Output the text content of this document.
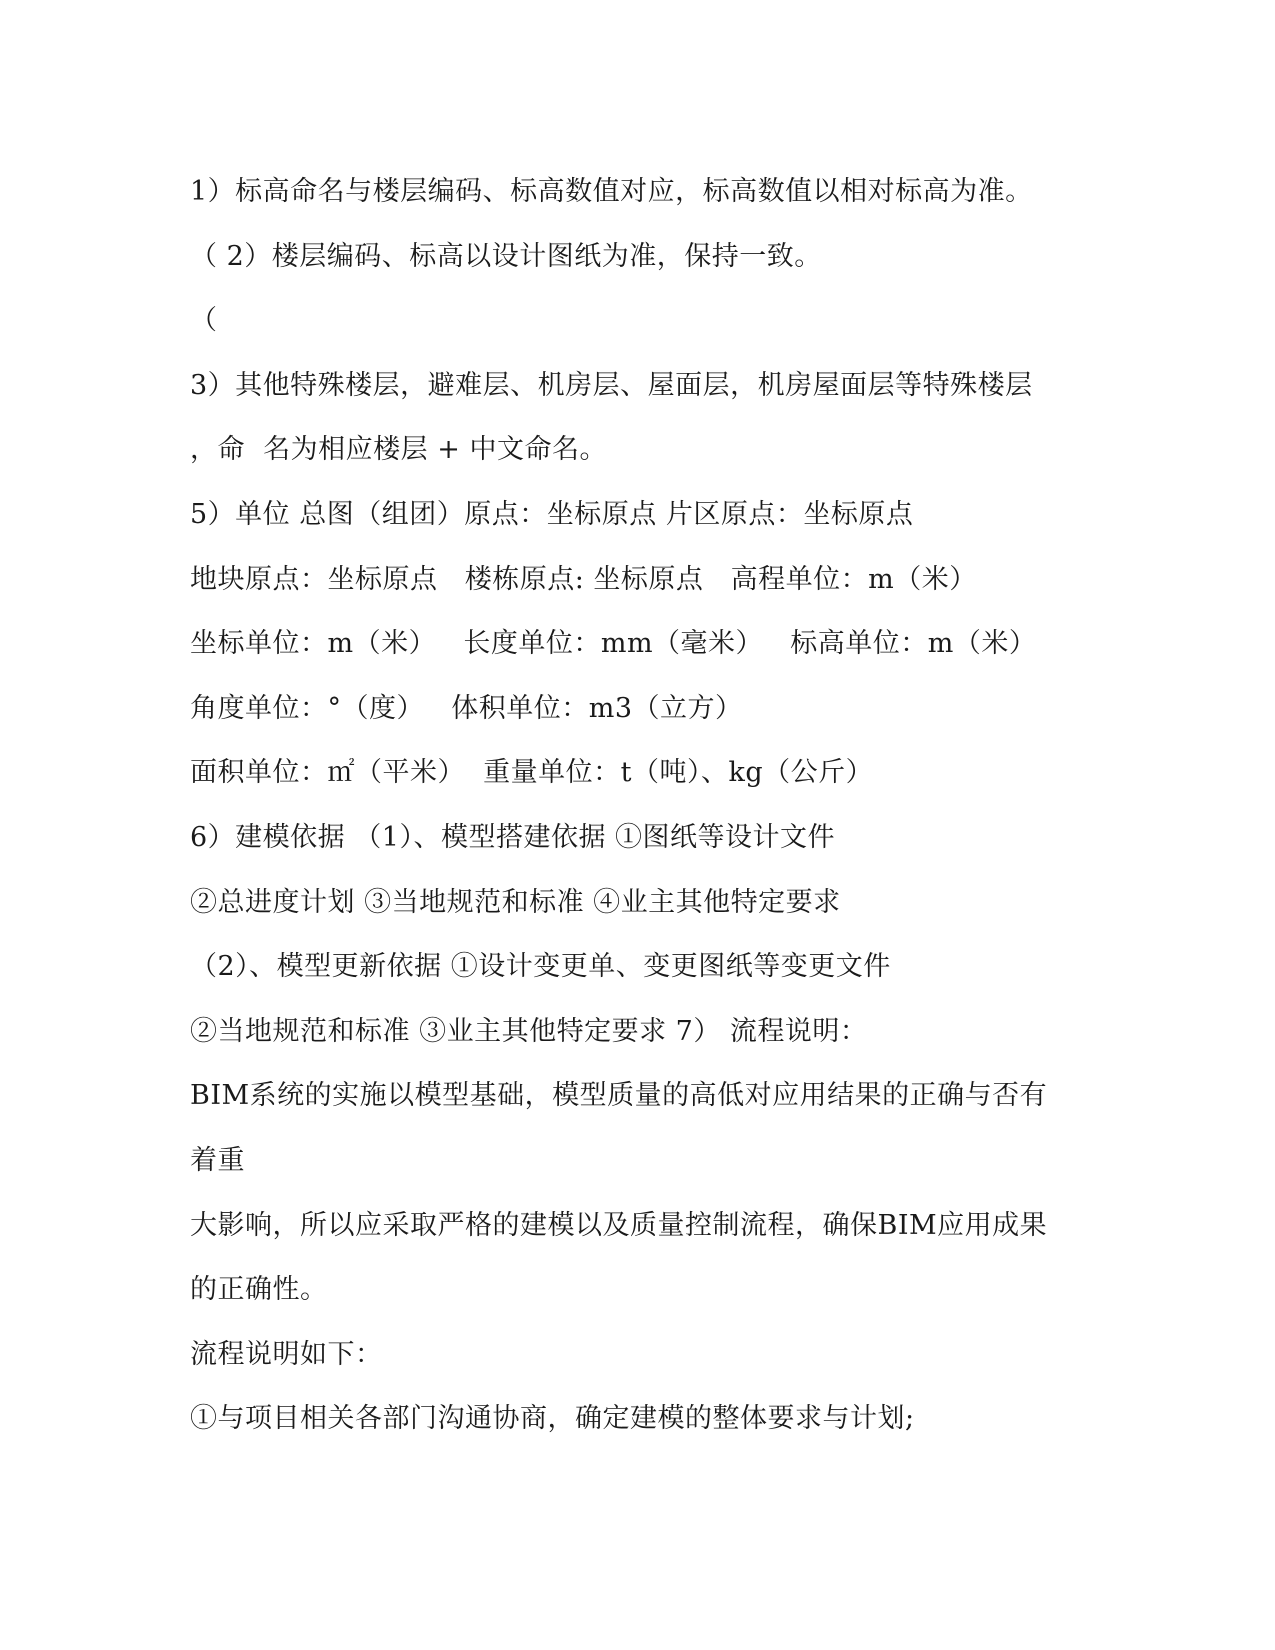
1）标高命名与楼层编码、标高数值对应，标高数值以相对标高为准。
（ 2）楼层编码、标高以设计图纸为准，保持一致。
（
3）其他特殊楼层，避难层、机房层、屋面层，机房屋面层等特殊楼层
，命  名为相应楼层 + 中文命名。
5）单位 总图（组团）原点：坐标原点 片区原点：坐标原点
地块原点：坐标原点   楼栋原点: 坐标原点   高程单位：m（米）
坐标单位：m（米）   长度单位：mm（毫米）   标高单位：m（米）
角度单位：°（度）   体积单位：m3（立方）
面积单位：㎡（平米）  重量单位：t（吨）、kg（公斤）
6）建模依据 （1）、模型搭建依据 ①图纸等设计文件
②总进度计划 ③当地规范和标准 ④业主其他特定要求
（2）、模型更新依据 ①设计变更单、变更图纸等变更文件
②当地规范和标准 ③业主其他特定要求 7） 流程说明：
BIM系统的实施以模型基础，模型质量的高低对应用结果的正确与否有
着重
大影响，所以应采取严格的建模以及质量控制流程，确保BIM应用成果
的正确性。
流程说明如下：
①与项目相关各部门沟通协商，确定建模的整体要求与计划;
